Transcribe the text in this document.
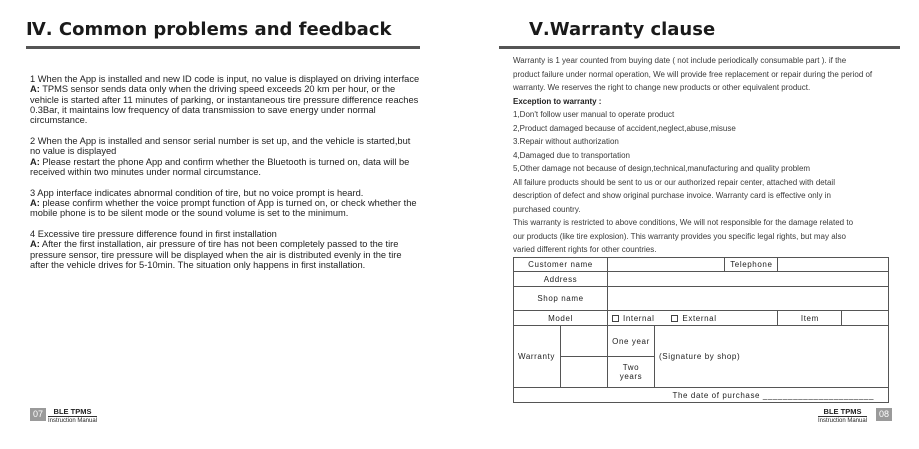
Ⅳ. Common problems and feedback
1 When the App is installed and new ID code is input, no value is displayed on driving interface
A: TPMS sensor sends data only when the driving speed exceeds 20 km per hour, or the vehicle is started after 11 minutes of parking, or instantaneous tire pressure difference reaches 0.3Bar, it maintains low frequency of data transmission to save energy under normal circumstance.
2 When the App is installed and sensor serial number is set up, and the vehicle is started,but no value is displayed
A: Please restart the phone App and confirm whether the Bluetooth is turned on, data will be received within two minutes under normal circumstance.
3 App interface indicates abnormal condition of tire, but no voice prompt is heard.
A: please confirm whether the voice prompt function of App is turned on, or check whether the mobile phone is to be silent mode or the sound volume is set to the minimum.
4 Excessive tire pressure difference found in first installation
A: After the first installation, air pressure of tire has not been completely passed to the tire pressure sensor, tire pressure will be displayed when the air is distributed evenly in the tire after the vehicle drives for 5-10min. The situation only happens in first installation.
07	BLE TPMS
Instruction Manual
Ⅴ.Warranty clause

Warranty is 1 year counted from buying date ( not include periodically consumable part ). if the

product failure under normal operation, We will provide free replacement or repair during the period of

warranty. We reserves the right to change new products or other equivalent product.

Exception to warranty :

1,Don't follow user manual to operate product

2,Product damaged because of accident,neglect,abuse,misuse

3.Repair without authorization

4,Damaged due to transportation

5,Other damage not because of design,technical,manufacturing and quality problem

All failure products should be sent to us or our authorized repair center, attached with detail

description of defect and show original purchase invoice. Warranty card is effective only in

purchased country.

This warranty is restricted to above conditions, We will not responsible for the damage related to

our products (like tire explosion). This warranty provides you specific legal rights, but may also

varied different rights for other countries.

Customer name				Telephone		
Address						
Shop name						
Model		Internal External			Item	
Warranty		One year	(Signature by shop)			
		Two years				
The date of purchase ______________________						
BLE TPMS
Instruction Manual
08
